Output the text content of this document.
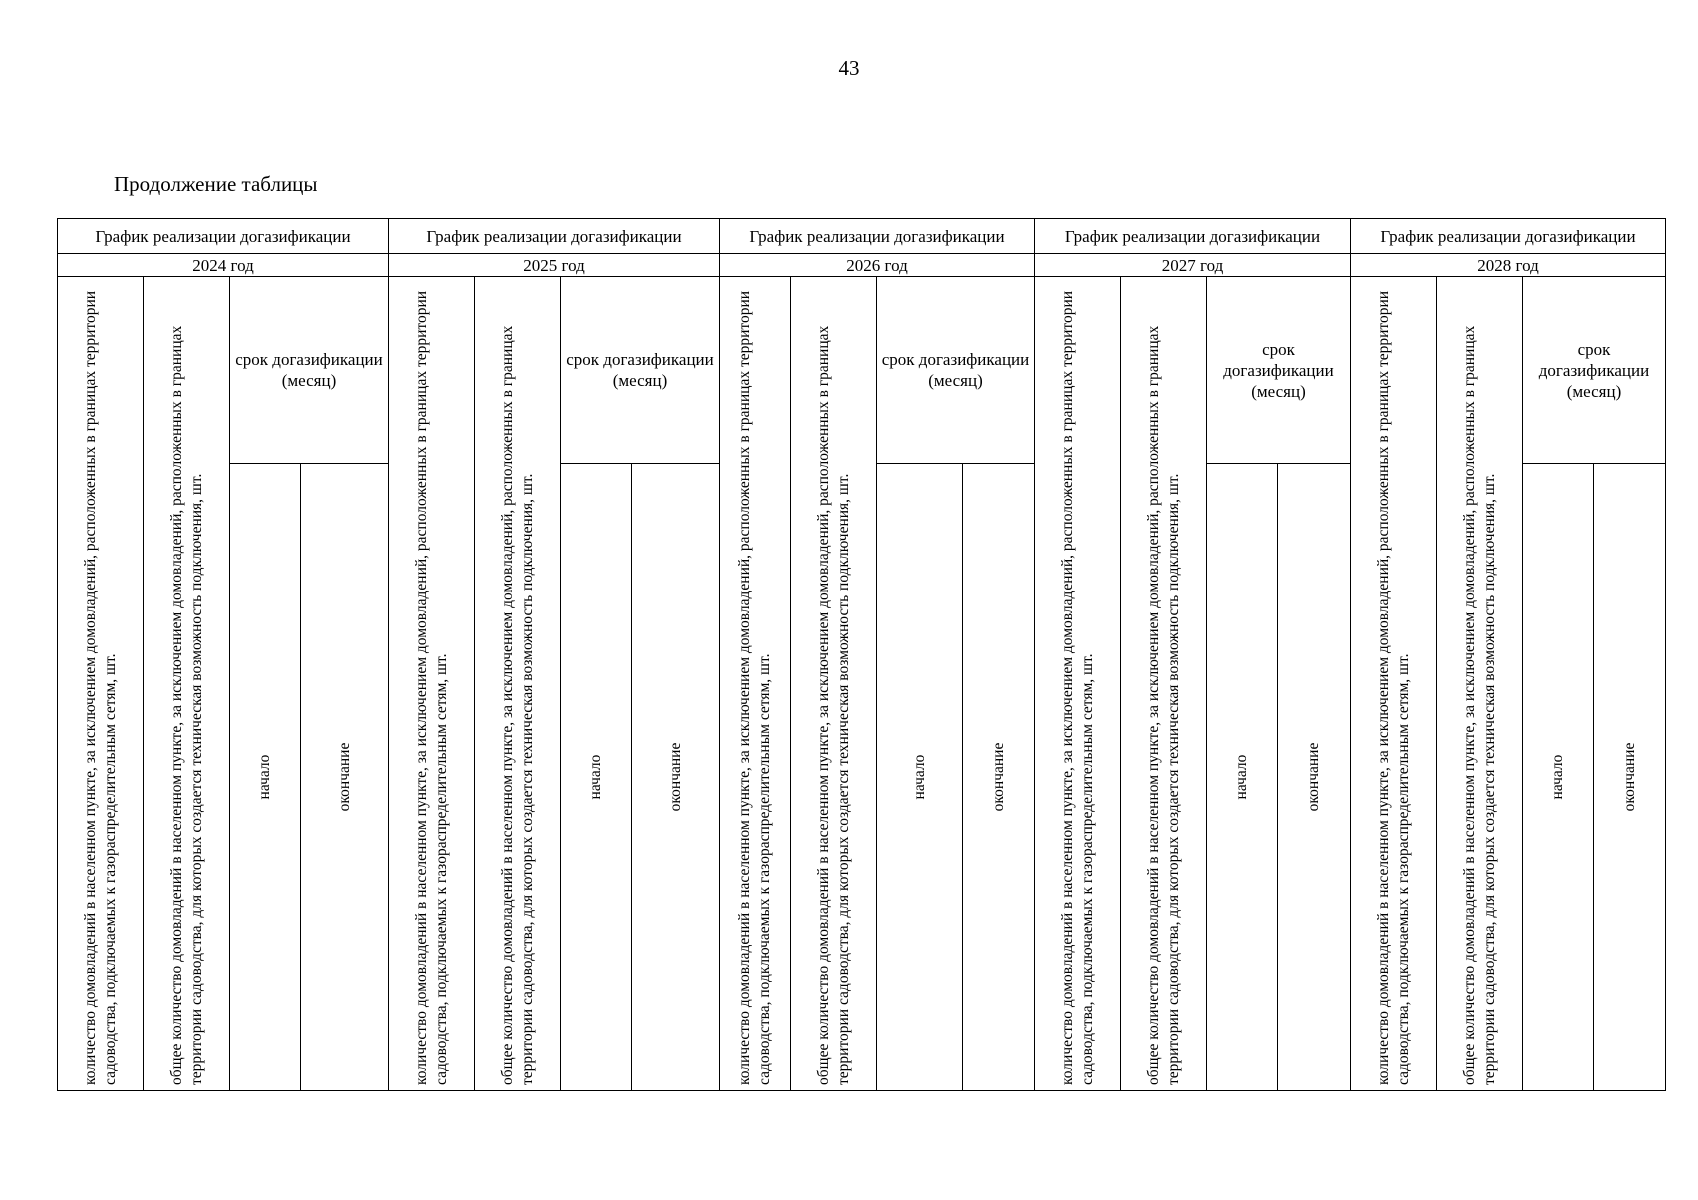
43
Продолжение таблицы
График реализации догазификации				График реализации догазификации				График реализации догазификации				График реализации догазификации				График реализации догазификации			
2024 год				2025 год				2026 год				2027 год				2028 год			

количество домовладений в населенном пункте, за исключением домовладений, расположенных в границах территории садоводства, подключаемых к газораспределительным сетям, шт.	общее количество домовладений в населенном пункте, за исключением домовладений, расположенных в границах территории садоводства, для которых создается техническая возможность подключения, шт.	срок догазификации (месяц)		количество домовладений в населенном пункте, за исключением домовладений, расположенных в границах территории садоводства, подключаемых к газораспределительным сетям, шт.	общее количество домовладений в населенном пункте, за исключением домовладений, расположенных в границах территории садоводства, для которых создается техническая возможность подключения, шт.	срок догазификации (месяц)		количество домовладений в населенном пункте, за исключением домовладений, расположенных в границах территории садоводства, подключаемых к газораспределительным сетям, шт.	общее количество домовладений в населенном пункте, за исключением домовладений, расположенных в границах территории садоводства, для которых создается техническая возможность подключения, шт.	срок догазификации (месяц)		количество домовладений в населенном пункте, за исключением домовладений, расположенных в границах территории садоводства, подключаемых к газораспределительным сетям, шт.	общее количество домовладений в населенном пункте, за исключением домовладений, расположенных в границах территории садоводства, для которых создается техническая возможность подключения, шт.	срок догазификации (месяц)		количество домовладений в населенном пункте, за исключением домовладений, расположенных в границах территории садоводства, подключаемых к газораспределительным сетям, шт.	общее количество домовладений в населенном пункте, за исключением домовладений, расположенных в границах территории садоводства, для которых создается техническая возможность подключения, шт.	срок догазификации (месяц)	

		начало	окончание			начало	окончание			начало	окончание			начало	окончание			начало	окончание
